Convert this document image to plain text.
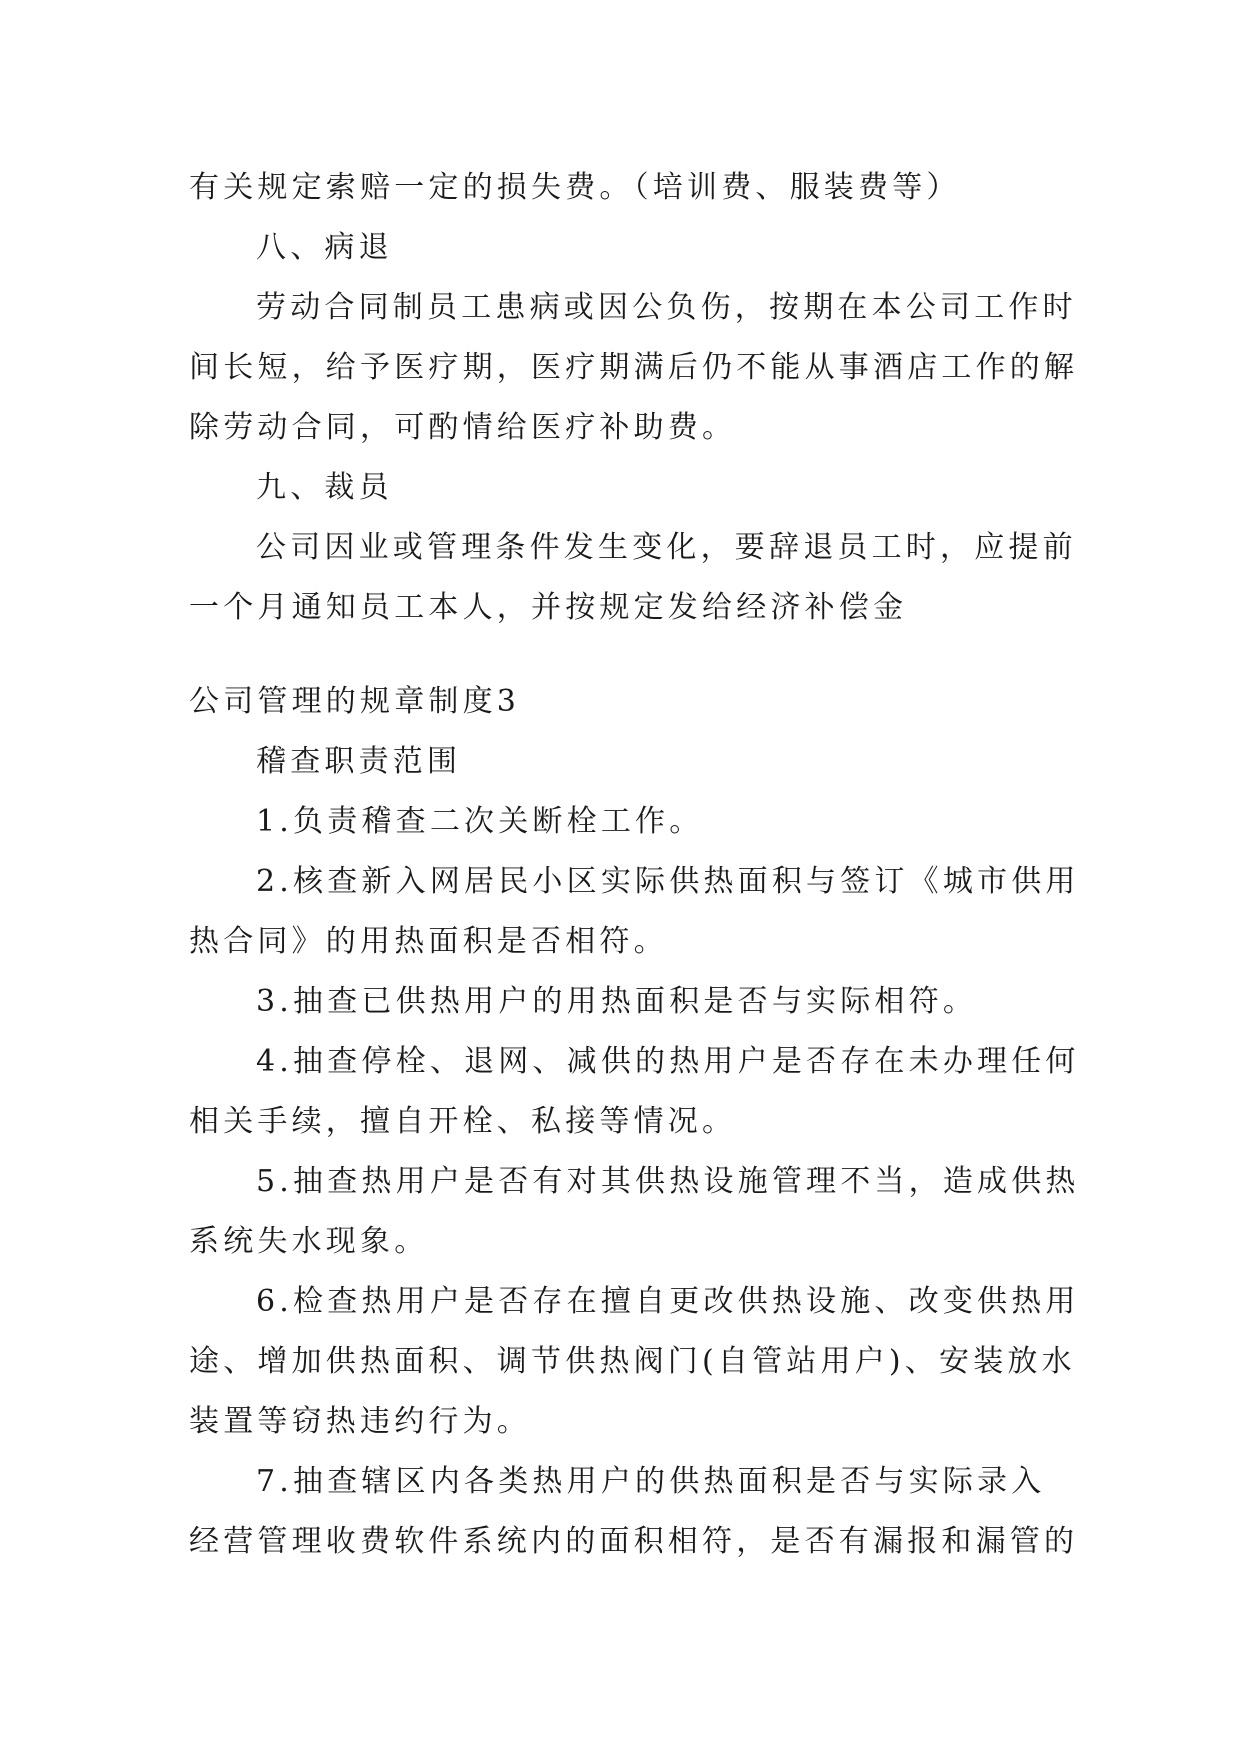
有关规定索赔一定的损失费。（培训费、服装费等）
八、病退
劳动合同制员工患病或因公负伤，按期在本公司工作时
间长短，给予医疗期，医疗期满后仍不能从事酒店工作的解
除劳动合同，可酌情给医疗补助费。
九、裁员
公司因业或管理条件发生变化，要辞退员工时，应提前
一个月通知员工本人，并按规定发给经济补偿金
公司管理的规章制度3
稽查职责范围
1.负责稽查二次关断栓工作。
2.核查新入网居民小区实际供热面积与签订《城市供用
热合同》的用热面积是否相符。
3.抽查已供热用户的用热面积是否与实际相符。
4.抽查停栓、退网、减供的热用户是否存在未办理任何
相关手续，擅自开栓、私接等情况。
5.抽查热用户是否有对其供热设施管理不当，造成供热
系统失水现象。
6.检查热用户是否存在擅自更改供热设施、改变供热用
途、增加供热面积、调节供热阀门(自管站用户)、安装放水
装置等窃热违约行为。
7.抽查辖区内各类热用户的供热面积是否与实际录入
经营管理收费软件系统内的面积相符，是否有漏报和漏管的
